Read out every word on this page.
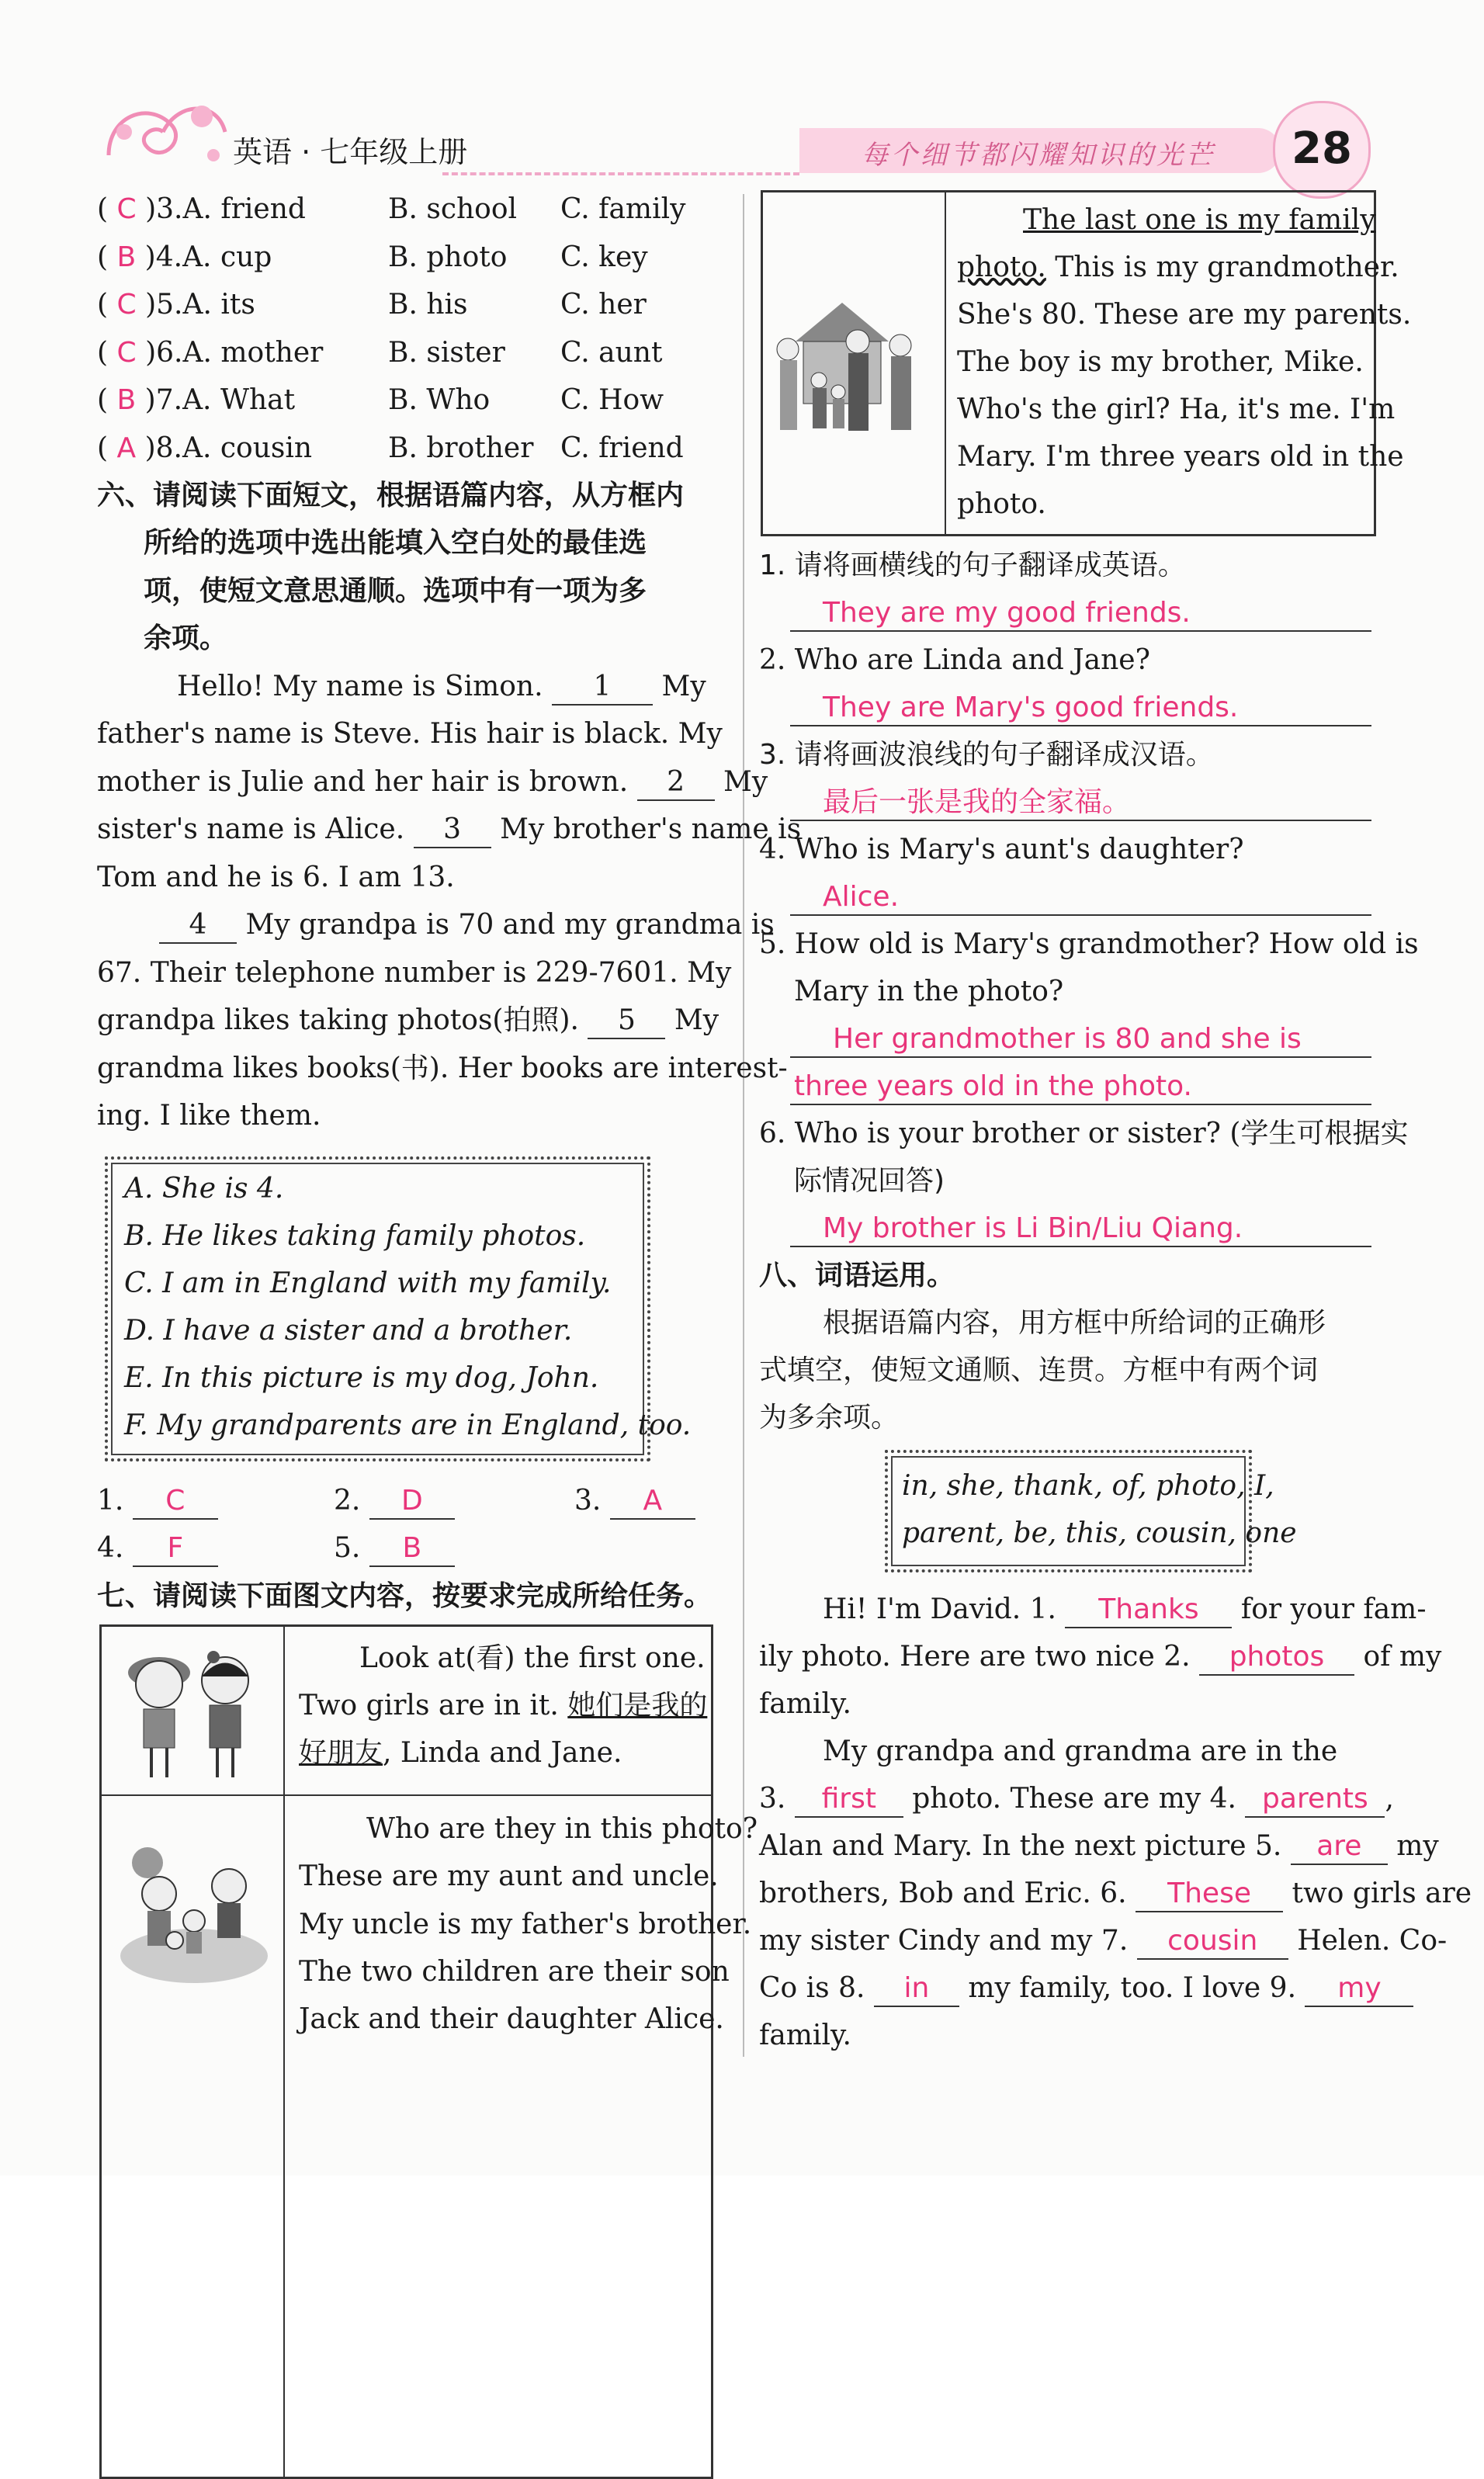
英语 · 七年级上册	每个细节都闪耀知识的光芒	28
( C )3.A. friend	B. school C. family
( B )4.A. cup	B. photo C. key
( C )5.A. its	B. his	C. her
( C )6.A. mother B. sister C. aunt
( B )7.A. What	B. Who	C. How
( A )8.A. cousin	B. brother C. friend
六、请阅读下面短文，根据语篇内容，从方框内
所给的选项中选出能填入空白处的最佳选
项，使短文意思通顺。选项中有一项为多
余项。
Hello! My name is Simon. 1 My
father's name is Steve. His hair is black. My
mother is Julie and her hair is brown. 2 My
sister's name is Alice. 3 My brother's name is
Tom and he is 6. I am 13.
4 My grandpa is 70 and my grandma is
67. Their telephone number is 229-7601. My
grandpa likes taking photos(拍照). 5 My
grandma likes books(书). Her books are interest-
ing. I like them.
A. She is 4.
B. He likes taking family photos.
C. I am in England with my family.
D. I have a sister and a brother.
E. In this picture is my dog, John.
F. My grandparents are in England, too.
1. C	2. D	3. A
4. F	5. B
七、请阅读下面图文内容，按要求完成所给任务。
Look at(看) the first one.
Two girls are in it. 她们是我的
好朋友, Linda and Jane.
Who are they in this photo?
These are my aunt and uncle.
My uncle is my father's brother.
The two children are their son
Jack and their daughter Alice.
The last one is my family
photo. This is my grandmother.
She's 80. These are my parents.
The boy is my brother, Mike.
Who's the girl? Ha, it's me. I'm
Mary. I'm three years old in the
photo.
1. 请将画横线的句子翻译成英语。
They are my good friends.
2. Who are Linda and Jane?
They are Mary's good friends.
3. 请将画波浪线的句子翻译成汉语。
最后一张是我的全家福。
4. Who is Mary's aunt's daughter?
Alice.
5. How old is Mary's grandmother? How old is
Mary in the photo?
Her grandmother is 80 and she is
three years old in the photo.
6. Who is your brother or sister? (学生可根据实
际情况回答)
My brother is Li Bin/Liu Qiang.
八、词语运用。
根据语篇内容，用方框中所给词的正确形
式填空，使短文通顺、连贯。方框中有两个词
为多余项。
in, she, thank, of, photo, I,
parent, be, this, cousin, one
Hi! I'm David. 1. Thanks for your fam-
ily photo. Here are two nice 2. photos of my
family.
My grandpa and grandma are in the
3. first photo. These are my 4. parents ,
Alan and Mary. In the next picture 5. are my
brothers, Bob and Eric. 6. These two girls are
my sister Cindy and my 7. cousin Helen. Co-
Co is 8. in my family, too. I love 9. my
family.
